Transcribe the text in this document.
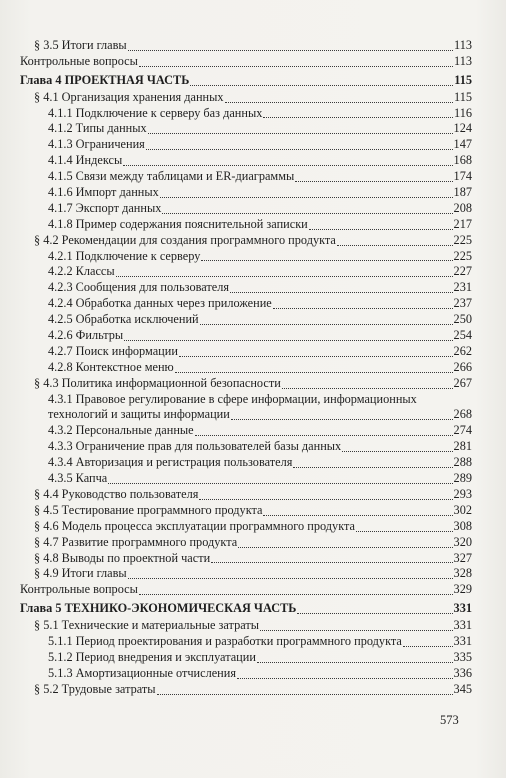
§ 3.5 Итоги главы	113
Контрольные вопросы	113
Глава 4 ПРОЕКТНАЯ ЧАСТЬ	115
§ 4.1 Организация хранения данных	115
4.1.1 Подключение к серверу баз данных	116
4.1.2 Типы данных	124
4.1.3 Ограничения	147
4.1.4 Индексы	168
4.1.5 Связи между таблицами и ER-диаграммы	174
4.1.6 Импорт данных	187
4.1.7 Экспорт данных	208
4.1.8 Пример содержания пояснительной записки	217
§ 4.2 Рекомендации для создания программного продукта	225
4.2.1 Подключение к серверу	225
4.2.2 Классы	227
4.2.3 Сообщения для пользователя	231
4.2.4 Обработка данных через приложение	237
4.2.5 Обработка исключений	250
4.2.6 Фильтры	254
4.2.7 Поиск информации	262
4.2.8 Контекстное меню	266
§ 4.3 Политика информационной безопасности	267
4.3.1 Правовое регулирование в сфере информации, информационных
технологий и защиты информации	268
4.3.2 Персональные данные	274
4.3.3 Ограничение прав для пользователей базы данных	281
4.3.4 Авторизация и регистрация пользователя	288
4.3.5 Капча	289
§ 4.4 Руководство пользователя	293
§ 4.5 Тестирование программного продукта	302
§ 4.6 Модель процесса эксплуатации программного продукта	308
§ 4.7 Развитие программного продукта	320
§ 4.8 Выводы по проектной части	327
§ 4.9 Итоги главы	328
Контрольные вопросы	329
Глава 5 ТЕХНИКО-ЭКОНОМИЧЕСКАЯ ЧАСТЬ	331
§ 5.1 Технические и материальные затраты	331
5.1.1 Период проектирования и разработки программного продукта	331
5.1.2 Период внедрения и эксплуатации	335
5.1.3 Амортизационные отчисления	336
§ 5.2 Трудовые затраты	345
573
